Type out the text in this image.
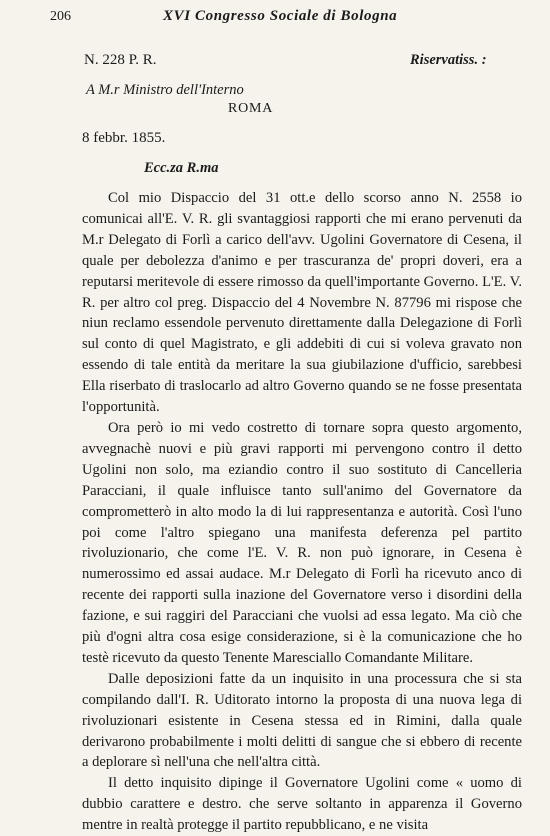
206	XVI Congresso Sociale di Bologna
N. 228 P. R.	Riservatiss. :
A M.r Ministro dell'Interno
ROMA
8 febbr. 1855.
Ecc.za R.ma

Col mio Dispaccio del 31 ott.e dello scorso anno N. 2558 io comunicai all'E. V. R. gli svantaggiosi rapporti che mi erano pervenuti da M.r Delegato di Forlì a carico dell'avv. Ugolini Governatore di Cesena, il quale per debolezza d'animo e per trascuranza de' propri doveri, era a reputarsi meritevole di essere rimosso da quell'importante Governo. L'E. V. R. per altro col preg. Dispaccio del 4 Novembre N. 87796 mi rispose che niun reclamo essendole pervenuto direttamente dalla Delegazione di Forlì sul conto di quel Magistrato, e gli addebiti di cui si voleva gravato non essendo di tale entità da meritare la sua giubilazione d'ufficio, sarebbesi Ella riserbato di traslocarlo ad altro Governo quando se ne fosse presentata l'opportunità.

Ora però io mi vedo costretto di tornare sopra questo argomento, avvegnachè nuovi e più gravi rapporti mi pervengono contro il detto Ugolini non solo, ma eziandio contro il suo sostituto di Cancelleria Paracciani, il quale influisce tanto sull'animo del Governatore da comprometterò in alto modo la di lui rappresentanza e autorità. Così l'uno poi come l'altro spiegano una manifesta deferenza pel partito rivoluzionario, che come l'E. V. R. non può ignorare, in Cesena è numerossimo ed assai audace. M.r Delegato di Forlì ha ricevuto anco di recente dei rapporti sulla inazione del Governatore verso i disordini della fazione, e sui raggiri del Paracciani che vuolsi ad essa legato. Ma ciò che più d'ogni altra cosa esige considerazione, si è la comunicazione che ho testè ricevuto da questo Tenente Maresciallo Comandante Militare.

Dalle deposizioni fatte da un inquisito in una processura che si sta compilando dall'I. R. Uditorato intorno la proposta di una nuova lega di rivoluzionari esistente in Cesena stessa ed in Rimini, dalla quale derivarono probabilmente i molti delitti di sangue che si ebbero di recente a deplorare sì nell'una che nell'altra città.

Il detto inquisito dipinge il Governatore Ugolini come « uomo di dubbio carattere e destro. che serve soltanto in apparenza il Governo mentre in realtà protegge il partito repubblicano, e ne visita
